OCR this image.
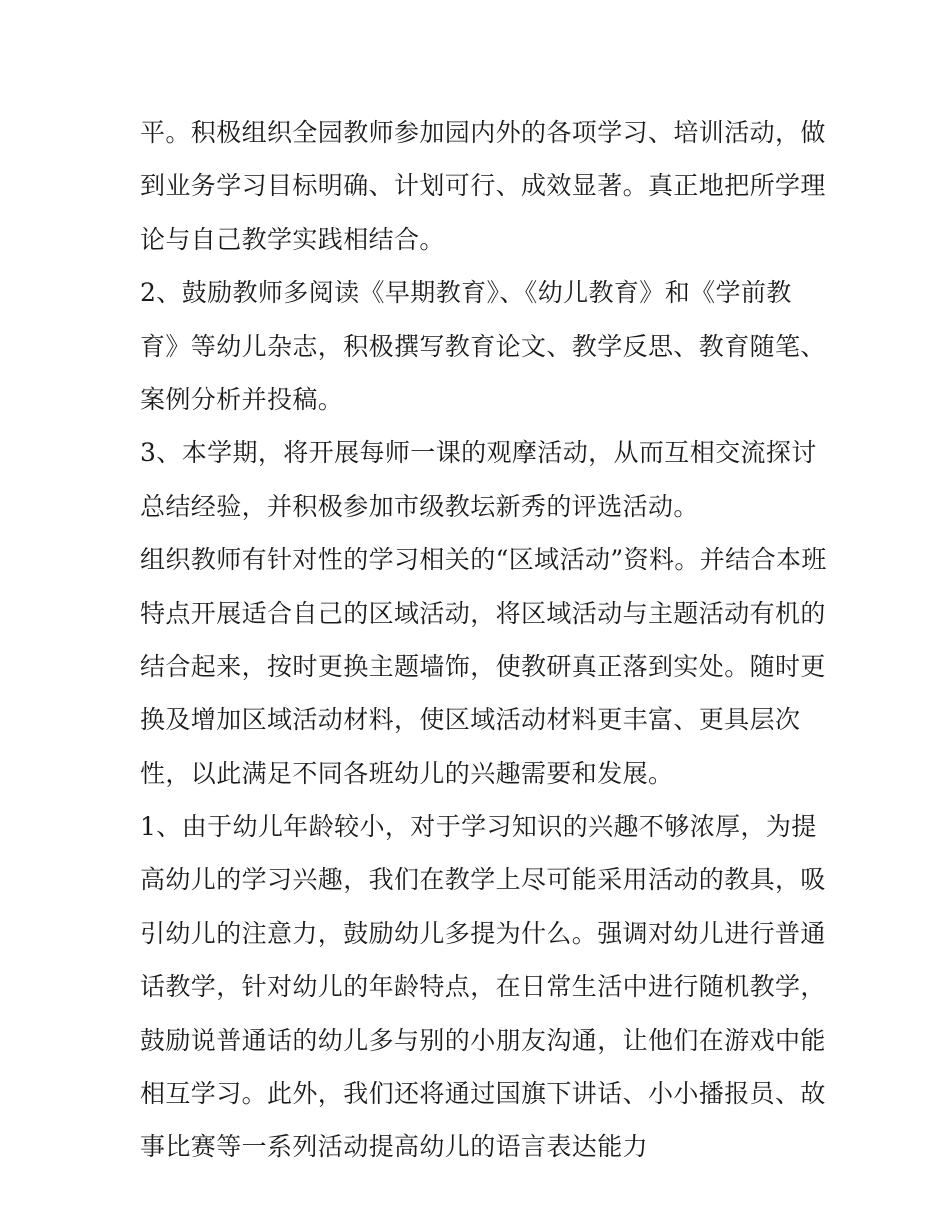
平。积极组织全园教师参加园内外的各项学习、培训活动，做
到业务学习目标明确、计划可行、成效显著。真正地把所学理
论与自己教学实践相结合。
2、鼓励教师多阅读《早期教育》、《幼儿教育》和《学前教
育》等幼儿杂志，积极撰写教育论文、教学反思、教育随笔、
案例分析并投稿。
3、本学期，将开展每师一课的观摩活动，从而互相交流探讨
总结经验，并积极参加市级教坛新秀的评选活动。
组织教师有针对性的学习相关的“区域活动”资料。并结合本班
特点开展适合自己的区域活动，将区域活动与主题活动有机的
结合起来，按时更换主题墙饰，使教研真正落到实处。随时更
换及增加区域活动材料，使区域活动材料更丰富、更具层次
性，以此满足不同各班幼儿的兴趣需要和发展。
1、由于幼儿年龄较小，对于学习知识的兴趣不够浓厚，为提
高幼儿的学习兴趣，我们在教学上尽可能采用活动的教具，吸
引幼儿的注意力，鼓励幼儿多提为什么。强调对幼儿进行普通
话教学，针对幼儿的年龄特点，在日常生活中进行随机教学，
鼓励说普通话的幼儿多与别的小朋友沟通，让他们在游戏中能
相互学习。此外，我们还将通过国旗下讲话、小小播报员、故
事比赛等一系列活动提高幼儿的语言表达能力
